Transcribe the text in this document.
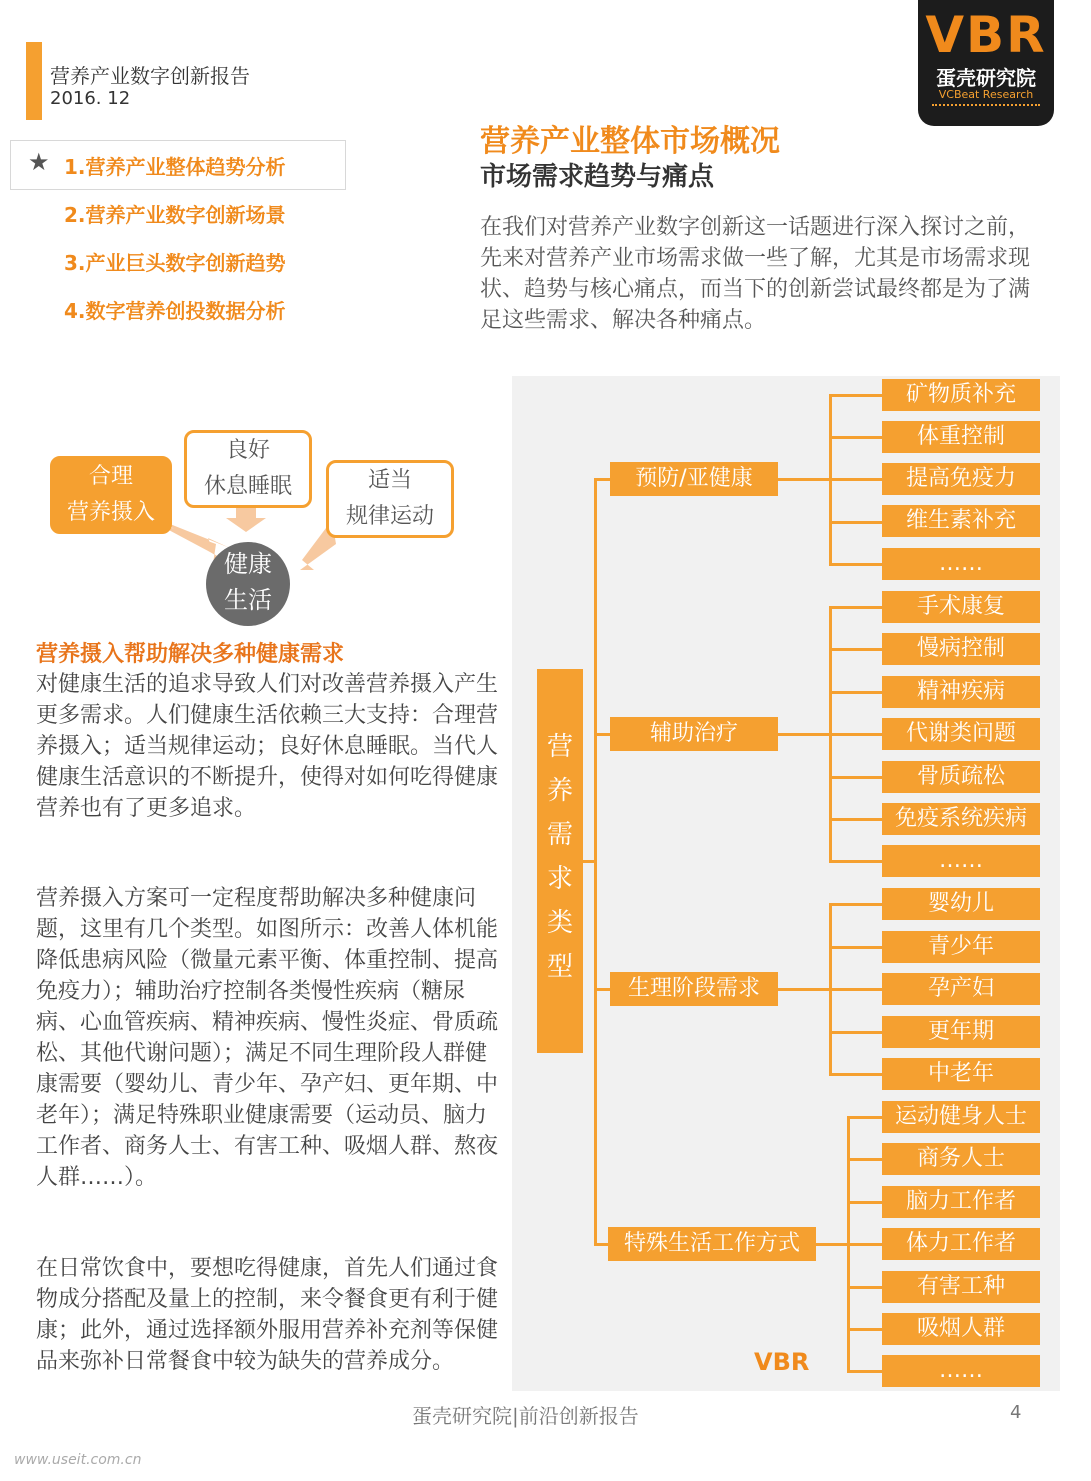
营养产业数字创新报告
2016. 12
VBR
蛋壳研究院
VCBeat Research
★ 1.营养产业整体趋势分析
2.营养产业数字创新场景
3.产业巨头数字创新趋势
4.数字营养创投数据分析
营养产业整体市场概况
市场需求趋势与痛点
在我们对营养产业数字创新这一话题进行深入探讨之前，先来对营养产业市场需求做一些了解，尤其是市场需求现状、趋势与核心痛点，而当下的创新尝试最终都是为了满足这些需求、解决各种痛点。
合理
营养摄入
良好
休息睡眠	适当
规律运动
健康
生活
营养摄入帮助解决多种健康需求
对健康生活的追求导致人们对改善营养摄入产生更多需求。人们健康生活依赖三大支持：合理营养摄入；适当规律运动；良好休息睡眠。当代人健康生活意识的不断提升，使得对如何吃得健康营养也有了更多追求。
营养摄入方案可一定程度帮助解决多种健康问题，这里有几个类型。如图所示：改善人体机能降低患病风险（微量元素平衡、体重控制、提高免疫力）；辅助治疗控制各类慢性疾病（糖尿病、心血管疾病、精神疾病、慢性炎症、骨质疏松、其他代谢问题）；满足不同生理阶段人群健康需要（婴幼儿、青少年、孕产妇、更年期、中老年）；满足特殊职业健康需要（运动员、脑力工作者、商务人士、有害工种、吸烟人群、熬夜人群……）。
在日常饮食中，要想吃得健康，首先人们通过食物成分搭配及量上的控制，来令餐食更有利于健康；此外，通过选择额外服用营养补充剂等保健品来弥补日常餐食中较为缺失的营养成分。
营养需求类型
预防/亚健康
辅助治疗
生理阶段需求
特殊生活工作方式
矿物质补充
体重控制
提高免疫力
维生素补充
……
手术康复
慢病控制
精神疾病
代谢类问题
骨质疏松
免疫系统疾病
……
婴幼儿
青少年
孕产妇
更年期
中老年
运动健身人士
商务人士
脑力工作者
体力工作者
有害工种
吸烟人群
……
VBR
蛋壳研究院|前沿创新报告	4
www.useit.com.cn
